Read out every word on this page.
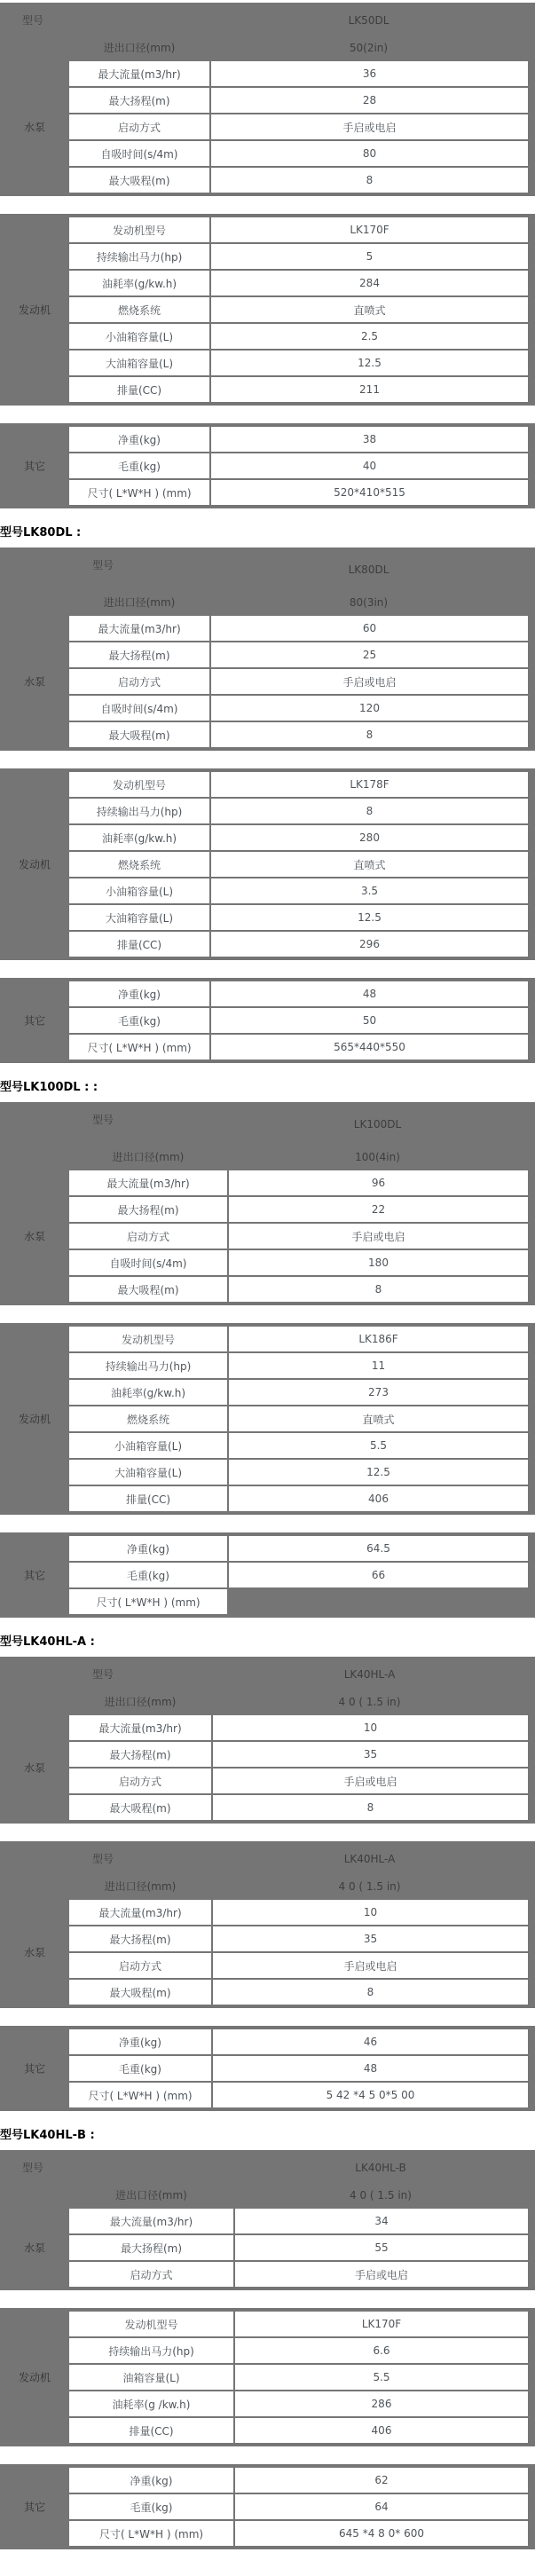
型号	LK50DL
进出口径(mm)	50(2in)
水泵
最大流量(m3/hr)	36
最大扬程(m)	28
启动方式	手启或电启
自吸时间(s/4m)	80
最大吸程(m)	8
发动机
发动机型号	LK170F
持续输出马力(hp)	5
油耗率(g/kw.h)	284
燃烧系统	直喷式
小油箱容量(L)	2.5
大油箱容量(L)	12.5
排量(CC)	211
其它
净重(kg)	38
毛重(kg)	40
尺寸( L*W*H ) (mm)	520*410*515
型号LK80DL :
型号	LK80DL
进出口径(mm)	80(3in)
水泵
最大流量(m3/hr)	60
最大扬程(m)	25
启动方式	手启或电启
自吸时间(s/4m)	120
最大吸程(m)	8
发动机
发动机型号	LK178F
持续输出马力(hp)	8
油耗率(g/kw.h)	280
燃烧系统	直喷式
小油箱容量(L)	3.5
大油箱容量(L)	12.5
排量(CC)	296
其它
净重(kg)	48
毛重(kg)	50
尺寸( L*W*H ) (mm)	565*440*550
型号LK100DL : :
型号	LK100DL
进出口径(mm)	100(4in)
水泵
最大流量(m3/hr)	96
最大扬程(m)	22
启动方式	手启或电启
自吸时间(s/4m)	180
最大吸程(m)	8
发动机
发动机型号	LK186F
持续输出马力(hp)	11
油耗率(g/kw.h)	273
燃烧系统	直喷式
小油箱容量(L)	5.5
大油箱容量(L)	12.5
排量(CC)	406
其它
净重(kg)	64.5
毛重(kg)	66
尺寸( L*W*H ) (mm)
型号LK40HL-A :
型号	LK40HL-A
进出口径(mm)	4 0 ( 1.5 in)
水泵
最大流量(m3/hr)	10
最大扬程(m)	35
启动方式	手启或电启
最大吸程(m)	8
型号	LK40HL-A
进出口径(mm)	4 0 ( 1.5 in)
水泵
最大流量(m3/hr)	10
最大扬程(m)	35
启动方式	手启或电启
最大吸程(m)	8
其它
净重(kg)	46
毛重(kg)	48
尺寸( L*W*H ) (mm)	5 42 *4 5 0*5 00
型号LK40HL-B :
型号	LK40HL-B
进出口径(mm)	4 0 ( 1.5 in)
水泵
最大流量(m3/hr)	34
最大扬程(m)	55
启动方式	手启或电启
发动机
发动机型号	LK170F
持续输出马力(hp)	6.6
油箱容量(L)	5.5
油耗率(g /kw.h)	286
排量(CC)	406
其它
净重(kg)	62
毛重(kg)	64
尺寸( L*W*H ) (mm)	645 *4 8 0* 600
